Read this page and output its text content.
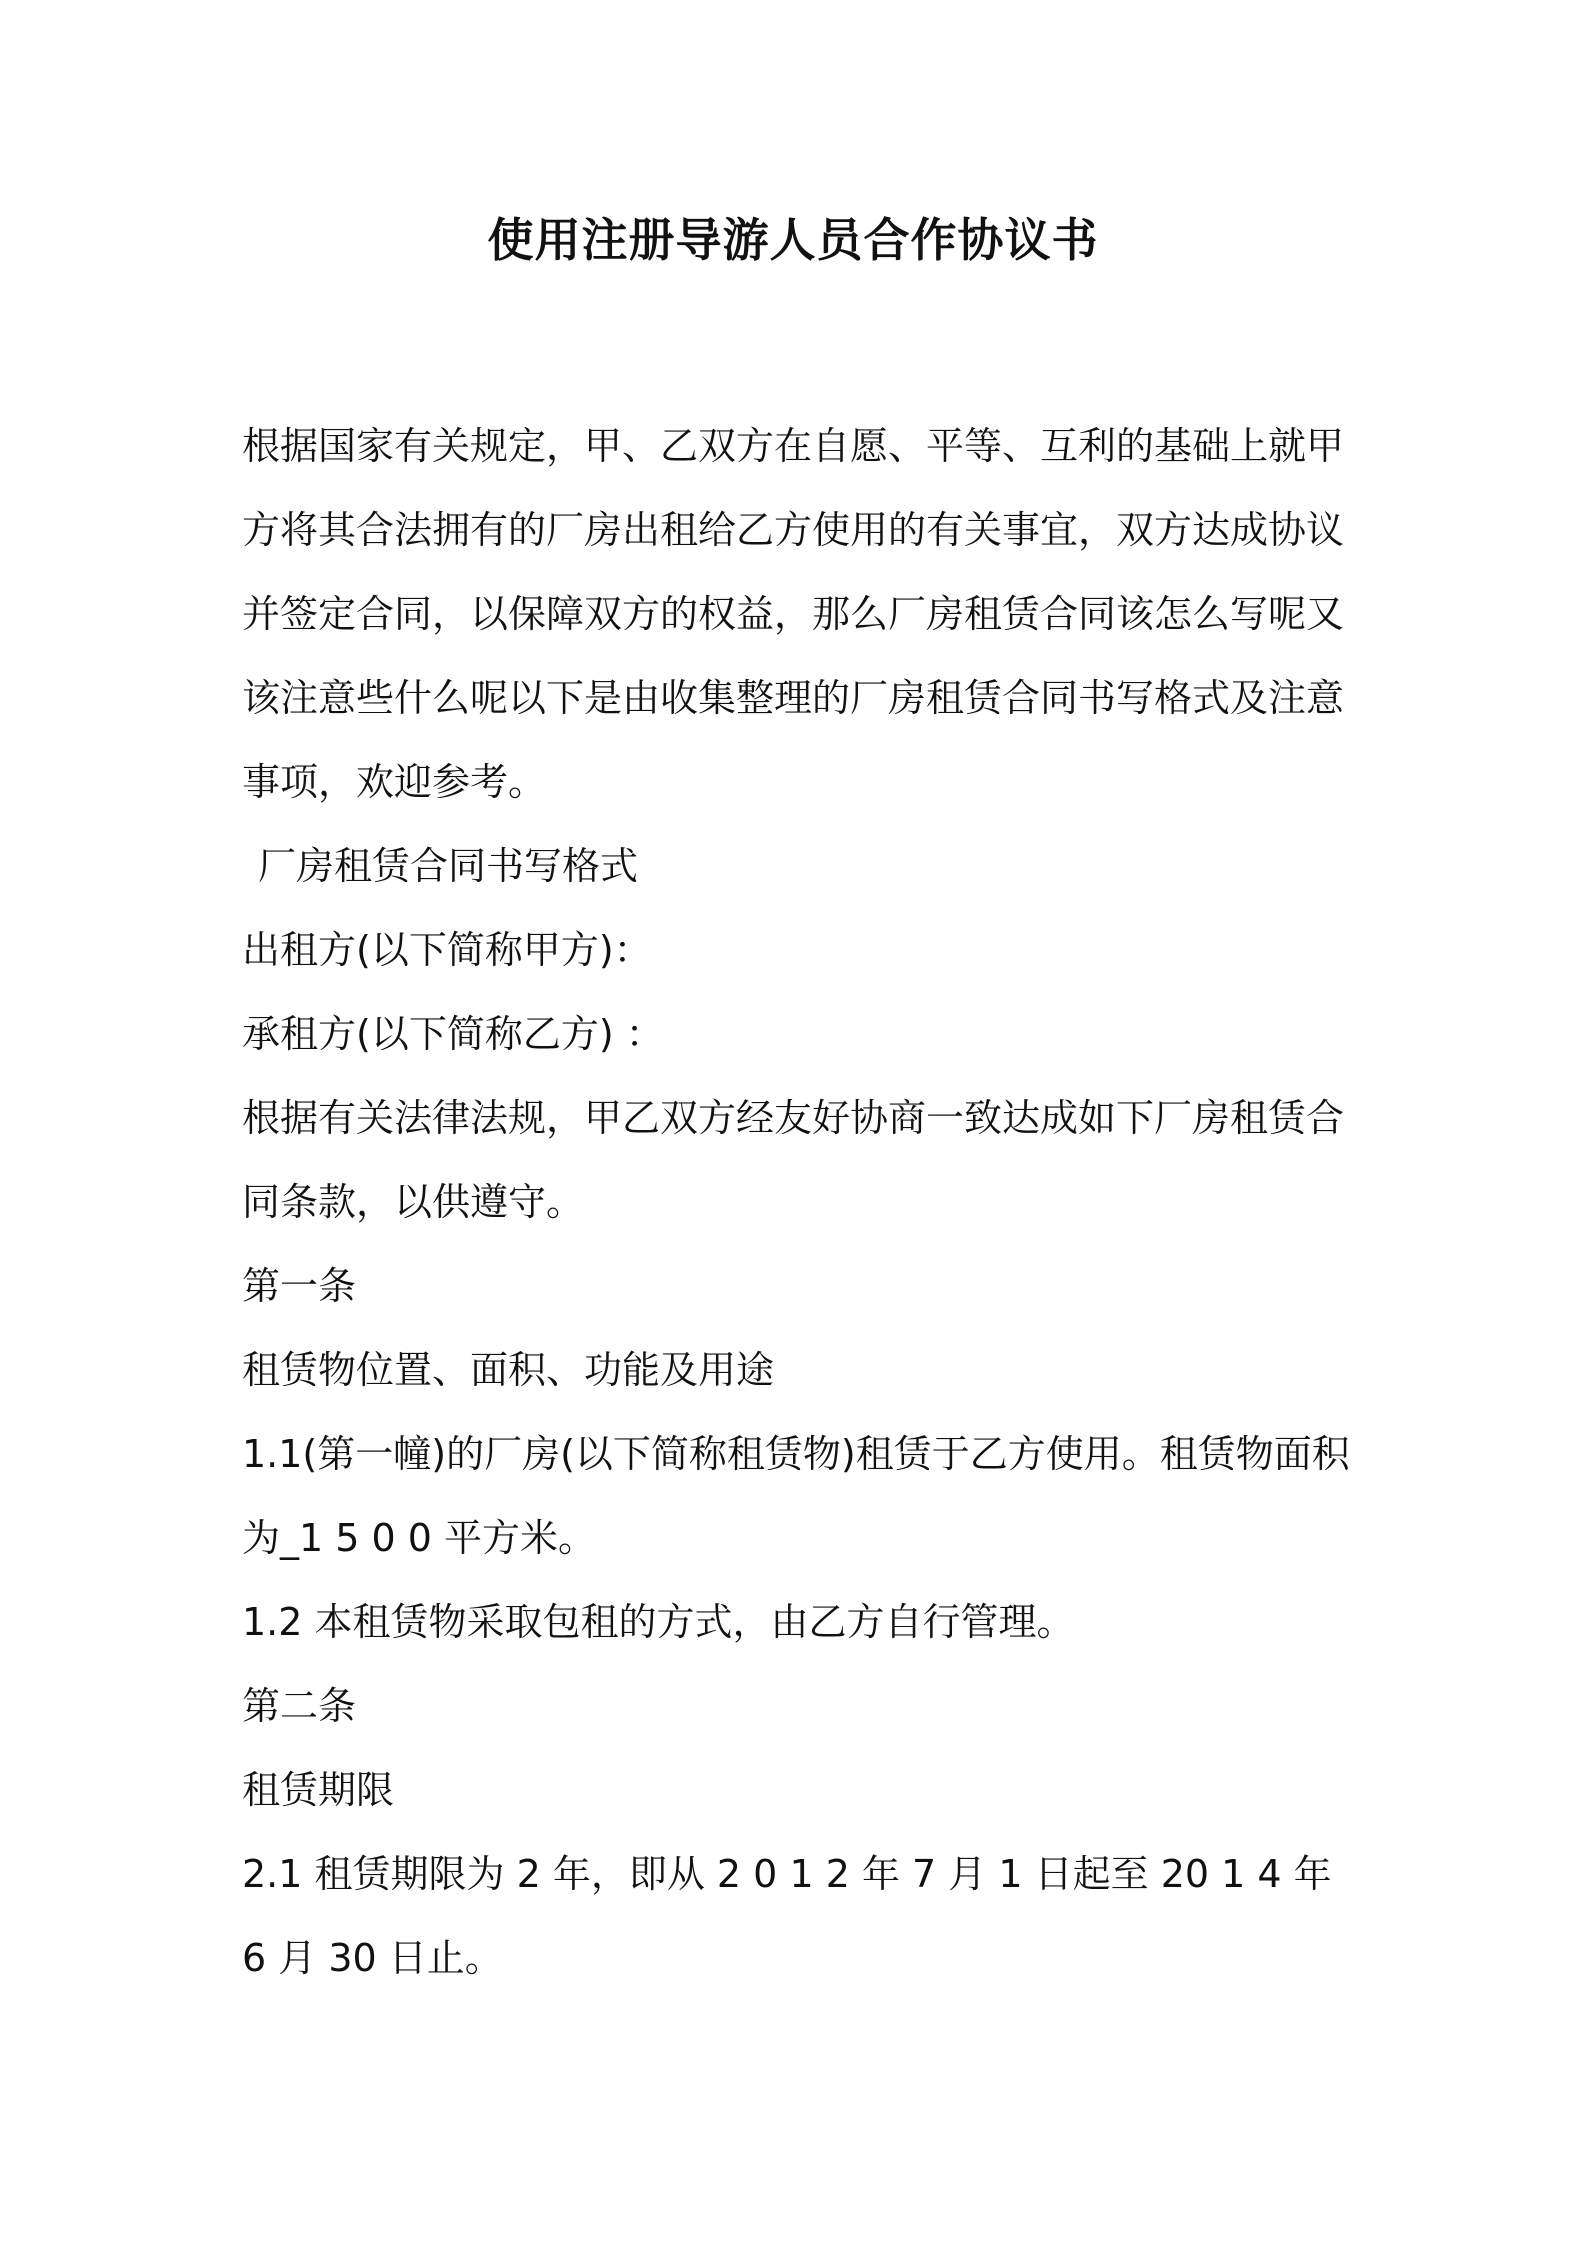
使用注册导游人员合作协议书

根据国家有关规定，甲、乙双方在自愿、平等、互利的基础上就甲方将其合法拥有的厂房出租给乙方使用的有关事宜，双方达成协议并签定合同，以保障双方的权益，那么厂房租赁合同该怎么写呢又该注意些什么呢以下是由收集整理的厂房租赁合同书写格式及注意事项，欢迎参考。

厂房租赁合同书写格式

出租方(以下简称甲方)：

承租方(以下简称乙方) ：

根据有关法律法规，甲乙双方经友好协商一致达成如下厂房租赁合同条款，以供遵守。

第一条

租赁物位置、面积、功能及用途

1.1(第一幢)的厂房(以下简称租赁物)租赁于乙方使用。租赁物面积为_1 5 0 0 平方米。

1.2 本租赁物采取包租的方式，由乙方自行管理。

第二条

租赁期限

2.1 租赁期限为 2 年，即从 2 0 1 2 年 7 月 1 日起至 20 1 4 年 6 月 30 日止。
